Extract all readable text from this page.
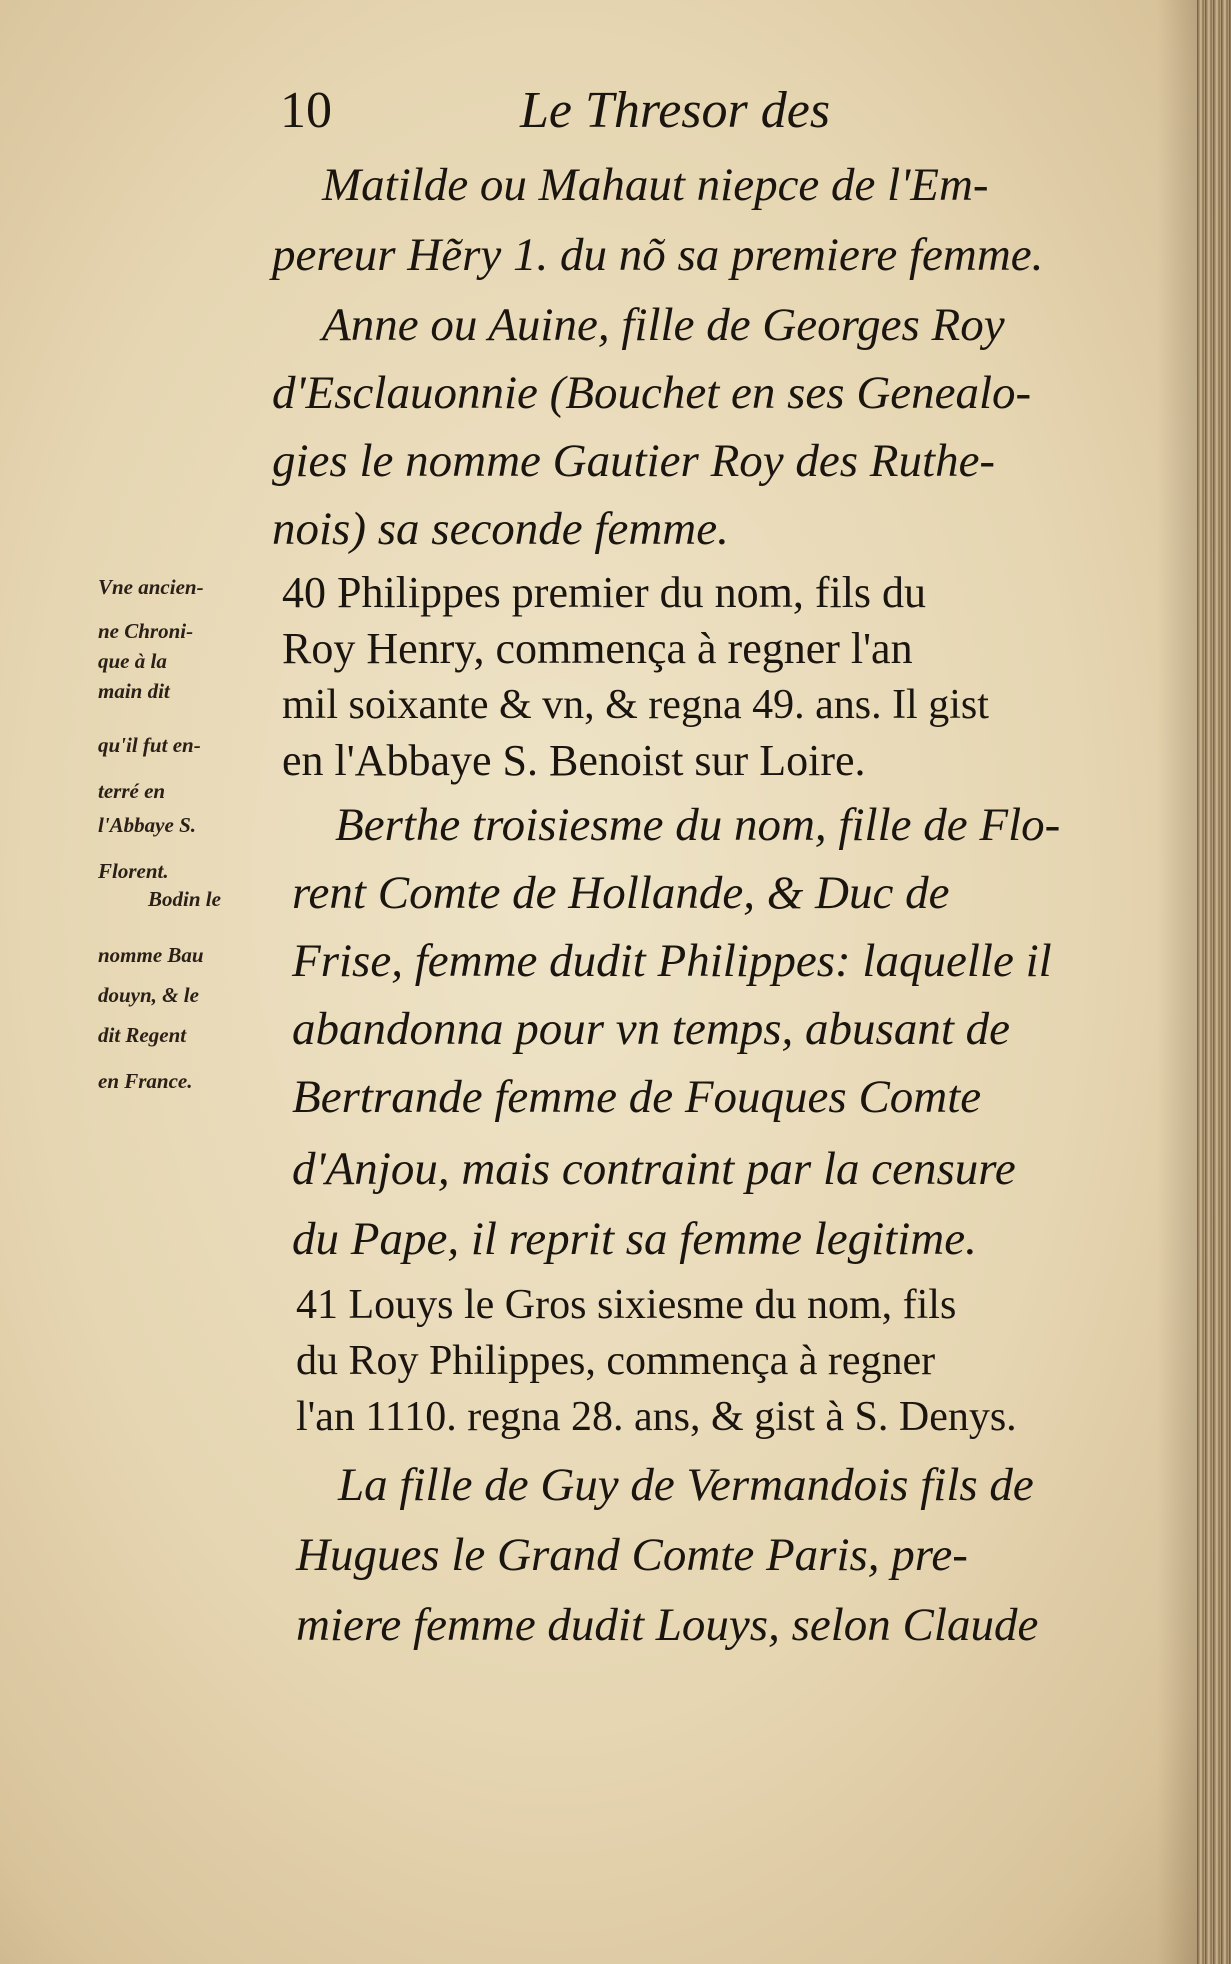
10	Le Thresor des
Matilde ou Mahaut niepce de l'Em-
pereur Hẽry 1. du nõ sa premiere femme.
Anne ou Auine, fille de Georges Roy
d'Esclauonnie (Bouchet en ses Genealo-
gies le nomme Gautier Roy des Ruthe-
nois) sa seconde femme.
40 Philippes premier du nom, fils du
Roy Henry, commença à regner l'an
mil soixante & vn, & regna 49. ans. Il gist
en l'Abbaye S. Benoist sur Loire.
Berthe troisiesme du nom, fille de Flo-
rent Comte de Hollande, & Duc de
Frise, femme dudit Philippes: laquelle il
abandonna pour vn temps, abusant de
Bertrande femme de Fouques Comte
d'Anjou, mais contraint par la censure
du Pape, il reprit sa femme legitime.
41 Louys le Gros sixiesme du nom, fils
du Roy Philippes, commença à regner
l'an 1110. regna 28. ans, & gist à S. Denys.
La fille de Guy de Vermandois fils de
Hugues le Grand Comte Paris, pre-
miere femme dudit Louys, selon Claude
Vne ancien-
ne Chroni-
que à la
main dit
qu'il fut en-
terré en
l'Abbaye S.
Florent.
Bodin le
nomme Bau
douyn, & le
dit Regent
en France.
